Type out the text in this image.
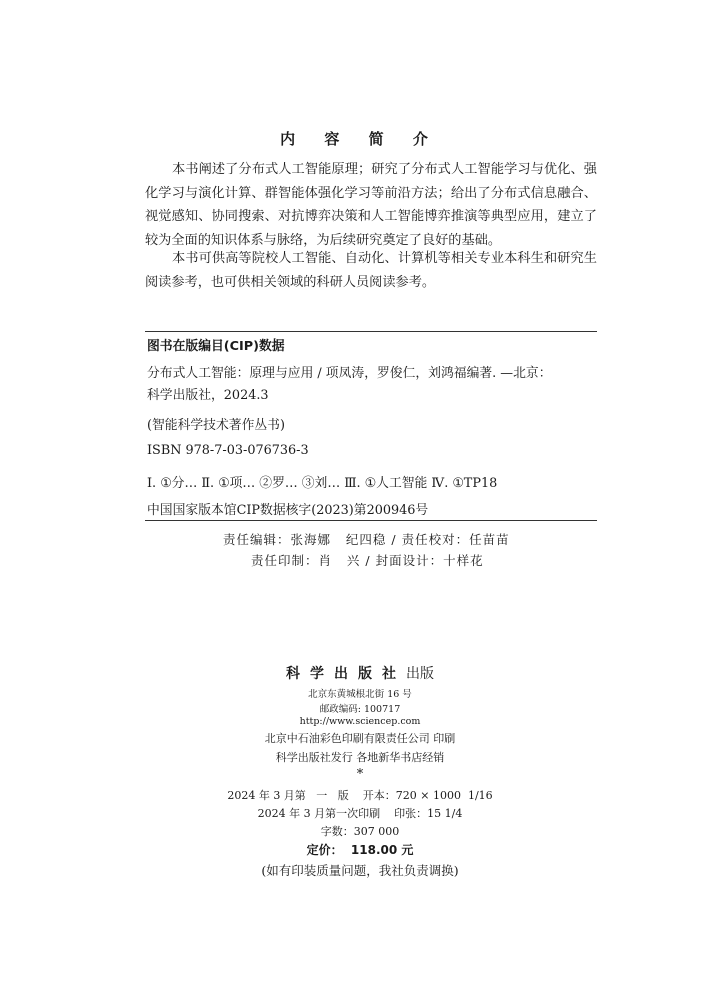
内 容 简 介

本书阐述了分布式人工智能原理；研究了分布式人工智能学习与优化、强化学习与演化计算、群智能体强化学习等前沿方法；给出了分布式信息融合、视觉感知、协同搜索、对抗博弈决策和人工智能博弈推演等典型应用，建立了较为全面的知识体系与脉络，为后续研究奠定了良好的基础。

本书可供高等院校人工智能、自动化、计算机等相关专业本科生和研究生阅读参考，也可供相关领域的科研人员阅读参考。

图书在版编目(CIP)数据
分布式人工智能：原理与应用 / 项凤涛，罗俊仁，刘鸿福编著. —北京：
科学出版社，2024.3
(智能科学技术著作丛书)
ISBN 978-7-03-076736-3
Ⅰ. ①分… Ⅱ. ①项… ②罗… ③刘… Ⅲ. ①人工智能 Ⅳ. ①TP18
中国国家版本馆CIP数据核字(2023)第200946号
责任编辑：张海娜   纪四稳 / 责任校对：任苗苗
责任印制：肖   兴 / 封面设计：十样花
科学出版社出版
北京东黄城根北街 16 号
邮政编码: 100717
http://www.sciencep.com
北京中石油彩色印刷有限责任公司 印刷
科学出版社发行 各地新华书店经销
*
2024 年 3 月第   一   版    开本：720 × 1000  1/16
2024 年 3 月第一次印刷    印张：15 1/4
字数：307 000
定价：  118.00 元
(如有印装质量问题，我社负责调换)
